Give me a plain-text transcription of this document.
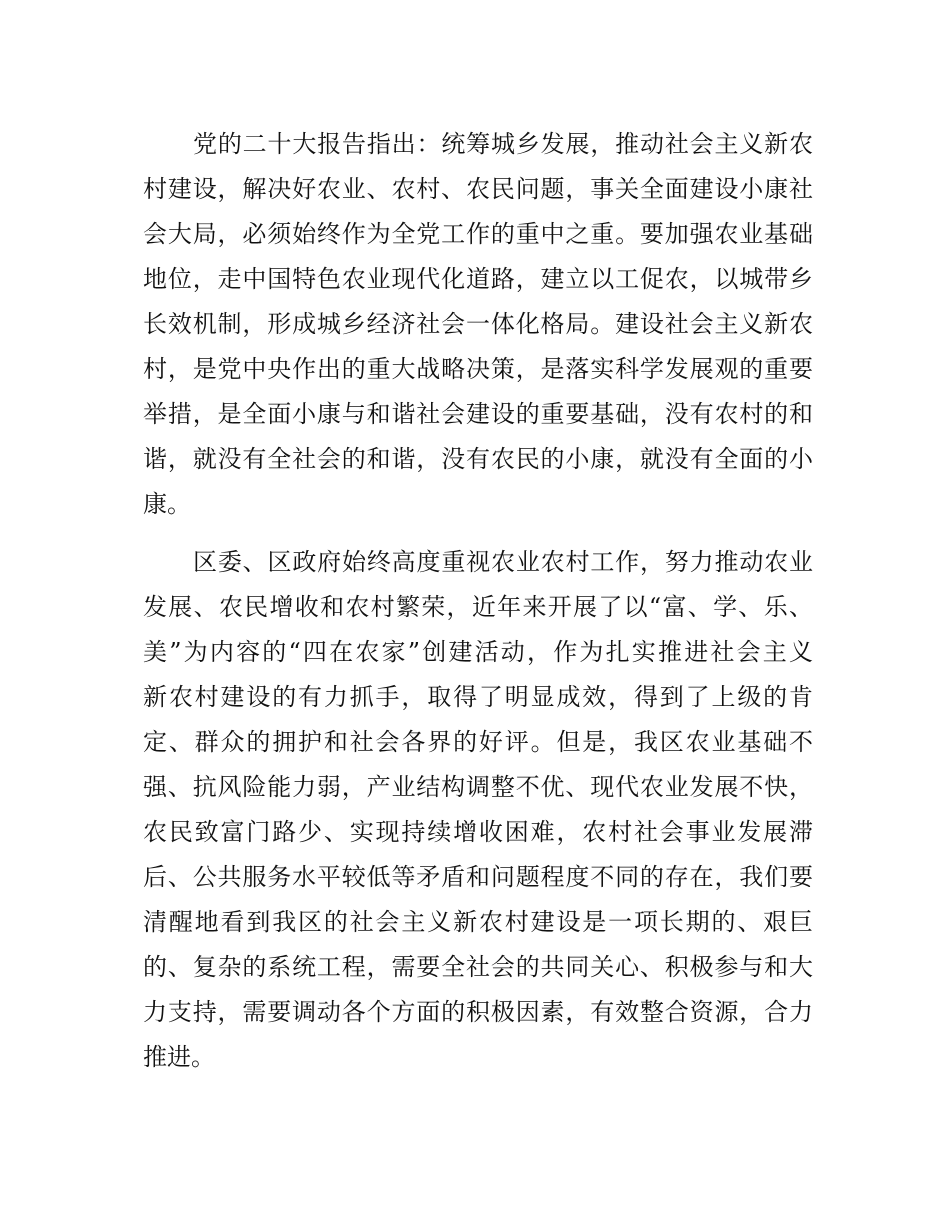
党的二十大报告指出：统筹城乡发展，推动社会主义新农
村建设，解决好农业、农村、农民问题，事关全面建设小康社
会大局，必须始终作为全党工作的重中之重。要加强农业基础
地位，走中国特色农业现代化道路，建立以工促农，以城带乡
长效机制，形成城乡经济社会一体化格局。建设社会主义新农
村，是党中央作出的重大战略决策，是落实科学发展观的重要
举措，是全面小康与和谐社会建设的重要基础，没有农村的和
谐，就没有全社会的和谐，没有农民的小康，就没有全面的小
康。
区委、区政府始终高度重视农业农村工作，努力推动农业
发展、农民增收和农村繁荣，近年来开展了以“富、学、乐、
美”为内容的“四在农家”创建活动，作为扎实推进社会主义
新农村建设的有力抓手，取得了明显成效，得到了上级的肯
定、群众的拥护和社会各界的好评。但是，我区农业基础不
强、抗风险能力弱，产业结构调整不优、现代农业发展不快，
农民致富门路少、实现持续增收困难，农村社会事业发展滞
后、公共服务水平较低等矛盾和问题程度不同的存在，我们要
清醒地看到我区的社会主义新农村建设是一项长期的、艰巨
的、复杂的系统工程，需要全社会的共同关心、积极参与和大
力支持，需要调动各个方面的积极因素，有效整合资源，合力
推进。
